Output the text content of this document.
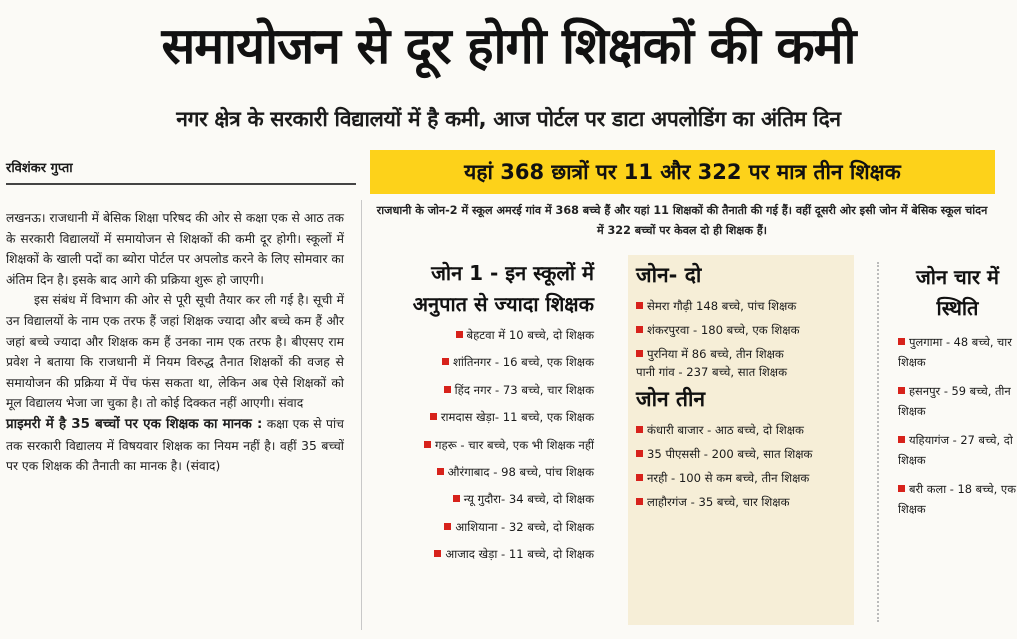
समायोजन से दूर होगी शिक्षकों की कमी
नगर क्षेत्र के सरकारी विद्यालयों में है कमी, आज पोर्टल पर डाटा अपलोडिंग का अंतिम दिन
रविशंकर गुप्ता	यहां 368 छात्रों पर 11 और 322 पर मात्र तीन शिक्षक

लखनऊ। राजधानी में बेसिक शिक्षा परिषद की ओर से कक्षा एक से आठ तक के सरकारी विद्यालयों में समायोजन से शिक्षकों की कमी दूर होगी। स्कूलों में शिक्षकों के खाली पदों का ब्योरा पोर्टल पर अपलोड करने के लिए सोमवार का अंतिम दिन है। इसके बाद आगे की प्रक्रिया शुरू हो जाएगी।

इस संबंध में विभाग की ओर से पूरी सूची तैयार कर ली गई है। सूची में उन विद्यालयों के नाम एक तरफ हैं जहां शिक्षक ज्यादा और बच्चे कम हैं और जहां बच्चे ज्यादा और शिक्षक कम हैं उनका नाम एक तरफ है। बीएसए राम प्रवेश ने बताया कि राजधानी में नियम विरुद्ध तैनात शिक्षकों की वजह से समायोजन की प्रक्रिया में पेंच फंस सकता था, लेकिन अब ऐसे शिक्षकों को मूल विद्यालय भेजा जा चुका है। तो कोई दिक्कत नहीं आएगी। संवाद

प्राइमरी में है 35 बच्चों पर एक शिक्षक का मानक : कक्षा एक से पांच तक सरकारी विद्यालय में विषयवार शिक्षक का नियम नहीं है। वहीं 35 बच्चों पर एक शिक्षक की तैनाती का मानक है। (संवाद)

राजधानी के जोन-2 में स्कूल अमरई गांव में 368 बच्चे हैं और यहां 11 शिक्षकों की तैनाती की गई हैं। वहीं दूसरी ओर इसी जोन में बेसिक स्कूल चांदन में 322 बच्चों पर केवल दो ही शिक्षक हैं।
जोन 1 - इन स्कूलों में अनुपात से ज्यादा शिक्षक
बेहटवा में 10 बच्चे, दो शिक्षक
शांतिनगर - 16 बच्चे, एक शिक्षक
हिंद नगर - 73 बच्चे, चार शिक्षक
रामदास खेड़ा- 11 बच्चे, एक शिक्षक
गहरू - चार बच्चे, एक भी शिक्षक नहीं
औरंगाबाद - 98 बच्चे, पांच शिक्षक
न्यू गुदौरा- 34 बच्चे, दो शिक्षक
आशियाना - 32 बच्चे, दो शिक्षक
आजाद खेड़ा - 11 बच्चे, दो शिक्षक
जोन- दो
सेमरा गौढ़ी 148 बच्चे, पांच शिक्षक
शंकरपुरवा - 180 बच्चे, एक शिक्षक
पुरनिया में 86 बच्चे, तीन शिक्षक
पानी गांव - 237 बच्चे, सात शिक्षक
जोन तीन
कंधारी बाजार - आठ बच्चे, दो शिक्षक
35 पीएससी - 200 बच्चे, सात शिक्षक
नरही - 100 से कम बच्चे, तीन शिक्षक
लाहौरगंज - 35 बच्चे, चार शिक्षक
जोन चार में स्थिति
पुलगामा - 48 बच्चे, चार शिक्षक
हसनपुर - 59 बच्चे, तीन शिक्षक
यहियागंज - 27 बच्चे, दो शिक्षक
बरी कला - 18 बच्चे, एक शिक्षक
